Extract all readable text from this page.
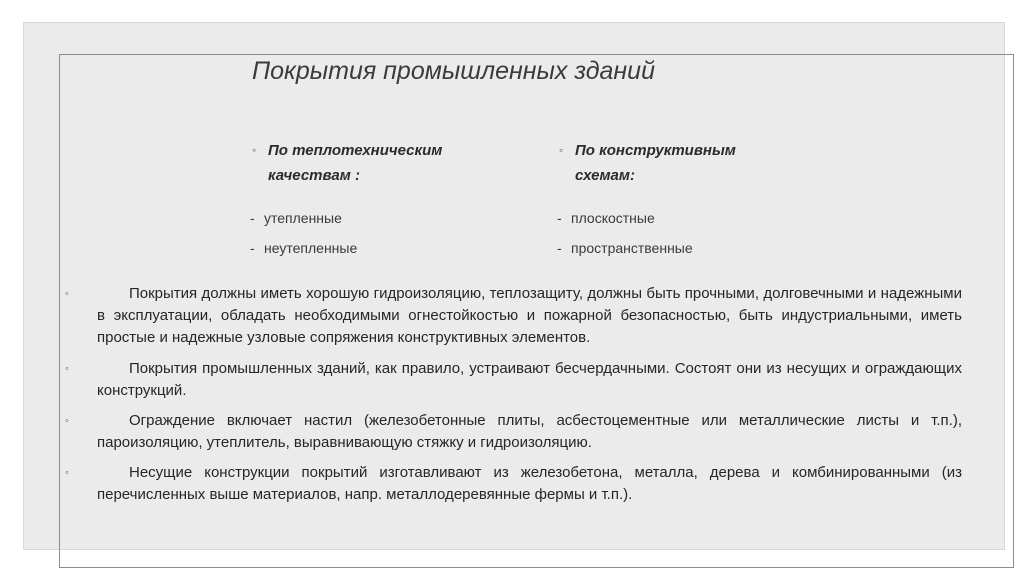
Покрытия промышленных зданий
◦ По теплотехническим
качествам :
- утепленные
- неутепленные
◦ По конструктивным
схемам:
- плоскостные
- пространственные
◦	Покрытия должны иметь хорошую гидроизоляцию, теплозащиту, должны быть прочными, долговечными и надежными в эксплуатации, обладать необходимыми огнестойкостью и пожарной безопасностью, быть индустриальными, иметь простые и надежные узловые сопряжения конструктивных элементов.
◦	Покрытия промышленных зданий, как правило, устраивают бесчердачными. Состоят они из несущих и ограждающих конструкций.
◦	Ограждение включает настил (железобетонные плиты, асбестоцементные или металлические листы и т.п.), пароизоляцию, утеплитель, выравнивающую стяжку и гидроизоляцию.
◦	Несущие конструкции покрытий изготавливают из железобетона, металла, дерева и комбинированными (из перечисленных выше материалов, напр. металлодеревянные фермы и т.п.).
